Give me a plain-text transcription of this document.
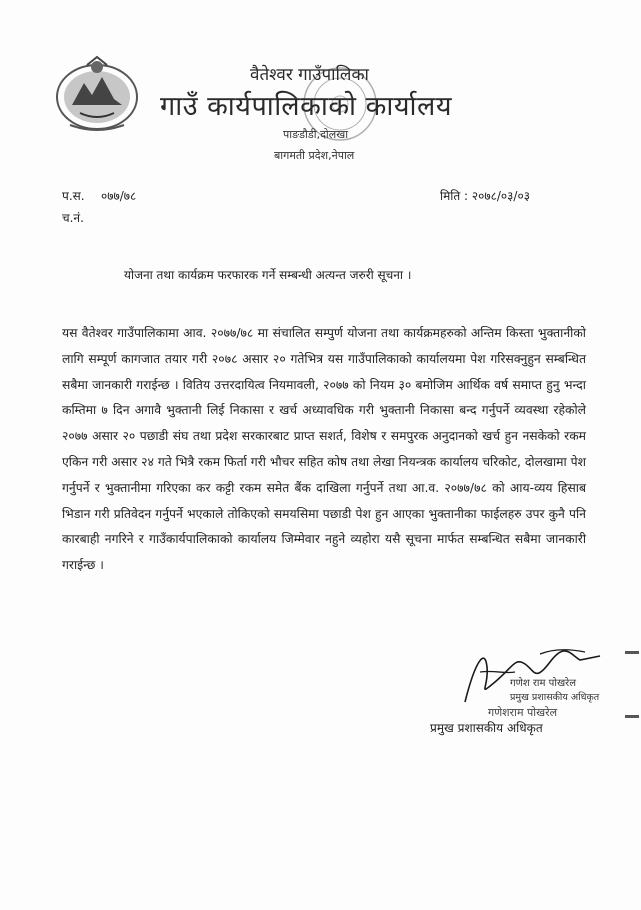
वैतेश्वर गाउँपालिका
गाउँ कार्यपालिकाको कार्यालय
पाङडौडी,दोलखा
बागमती प्रदेश,नेपाल
प.स. ०७७/७८
च.नं.
मिति : २०७८/०३/०३
योजना तथा कार्यक्रम फरफारक गर्ने सम्बन्धी अत्यन्त जरुरी सूचना ।
यस वैतेश्वर गाउँपालिकामा आव. २०७७/७८ मा संचालित सम्पुर्ण योजना तथा कार्यक्रमहरुको अन्तिम किस्ता भुक्तानीको लागि सम्पूर्ण कागजात तयार गरी २०७८ असार २० गतेभित्र यस गाउँपालिकाको कार्यालयमा पेश गरिसक्नुहुन सम्बन्धित सबैमा जानकारी गराईन्छ । वितिय उत्तरदायित्व नियमावली, २०७७ को नियम ३० बमोजिम आर्थिक वर्ष समाप्त हुनु भन्दा कम्तिमा ७ दिन अगावै भुक्तानी लिई निकासा र खर्च अध्यावधिक गरी भुक्तानी निकासा बन्द गर्नुपर्ने व्यवस्था रहेकोले २०७७ असार २० पछाडी संघ तथा प्रदेश सरकारबाट प्राप्त सशर्त, विशेष र समपुरक अनुदानको खर्च हुन नसकेको रकम एकिन गरी असार २४ गते भित्रै रकम फिर्ता गरी भौचर सहित कोष तथा लेखा नियन्त्रक कार्यालय चरिकोट, दोलखामा पेश गर्नुपर्ने र भुक्तानीमा गरिएका कर कट्टी रकम समेत बैंक दाखिला गर्नुपर्ने तथा आ.व. २०७७/७८ को आय-व्यय हिसाब भिडान गरी प्रतिवेदन गर्नुपर्ने भएकाले तोकिएको समयसिमा पछाडी पेश हुन आएका भुक्तानीका फाईलहरु उपर कुनै पनि कारबाही नगरिने र गाउँकार्यपालिकाको कार्यालय जिम्मेवार नहुने व्यहोरा यसै सूचना मार्फत सम्बन्धित सबैमा जानकारी गराईन्छ ।
गणेश राम पोखरेल
प्रमुख प्रशासकीय अधिकृत
गणेशराम पोखरेल
प्रमुख प्रशासकीय अधिकृत
